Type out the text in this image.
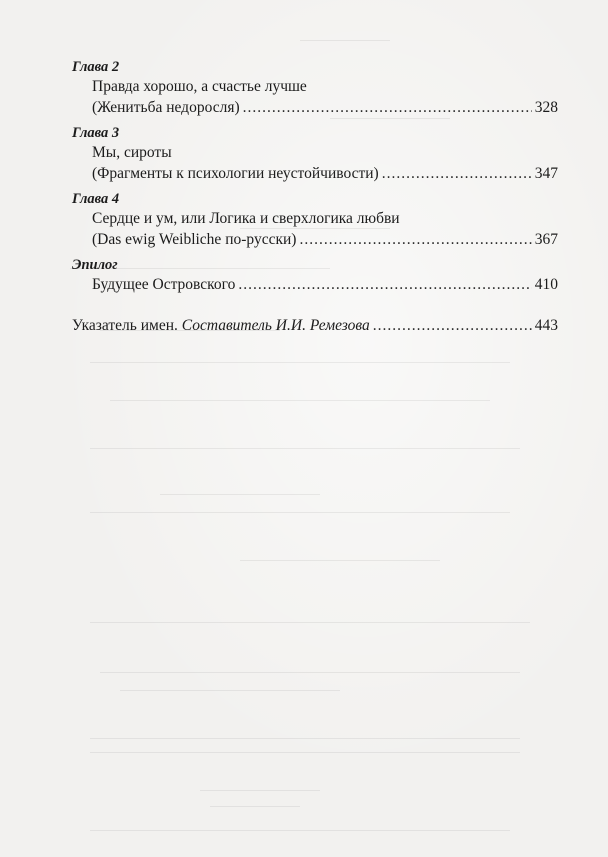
Глава 2
Правда хорошо, а счастье лучше
(Женитьба недоросля) .....	328
Глава 3
Мы, сироты
(Фрагменты к психологии неустойчивости) .....	347
Глава 4
Сердце и ум, или Логика и сверхлогика любви
(Das ewig Weibliche по-русски) .....	367
Эпилог
Будущее Островского .....	410
Указатель имен. Составитель И.И. Ремезова .....	443
